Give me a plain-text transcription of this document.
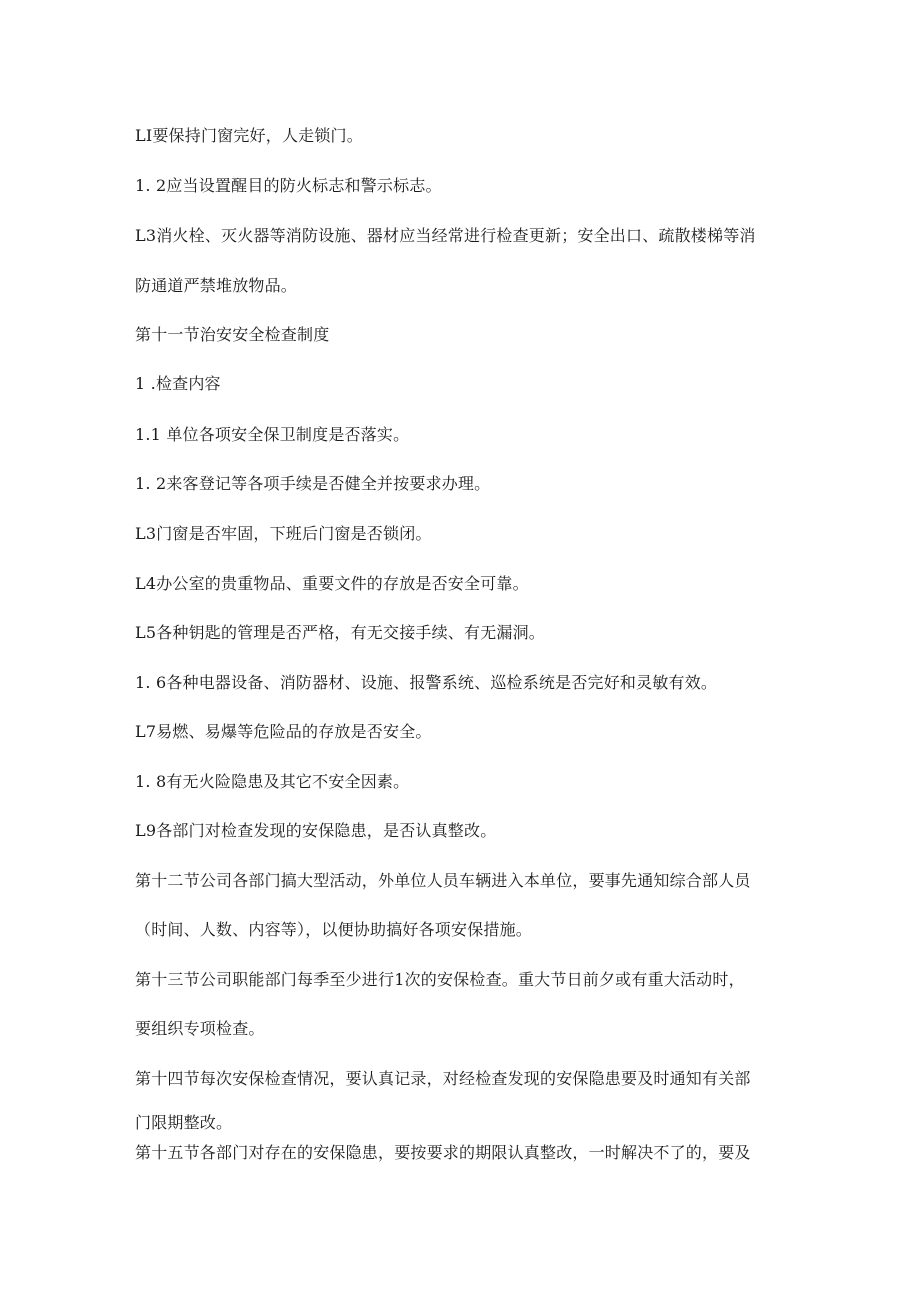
LI要保持门窗完好，人走锁门。
1. 2应当设置醒目的防火标志和警示标志。
L3消火栓、灭火器等消防设施、器材应当经常进行检查更新；安全出口、疏散楼梯等消
防通道严禁堆放物品。
第十一节治安安全检查制度
1 .检查内容
1.1 单位各项安全保卫制度是否落实。
1. 2来客登记等各项手续是否健全并按要求办理。
L3门窗是否牢固，下班后门窗是否锁闭。
L4办公室的贵重物品、重要文件的存放是否安全可靠。
L5各种钥匙的管理是否严格，有无交接手续、有无漏洞。
1. 6各种电器设备、消防器材、设施、报警系统、巡检系统是否完好和灵敏有效。
L7易燃、易爆等危险品的存放是否安全。
1. 8有无火险隐患及其它不安全因素。
L9各部门对检查发现的安保隐患，是否认真整改。
第十二节公司各部门搞大型活动，外单位人员车辆进入本单位，要事先通知综合部人员
（时间、人数、内容等），以便协助搞好各项安保措施。
第十三节公司职能部门每季至少进行1次的安保检查。重大节日前夕或有重大活动时，
要组织专项检查。
第十四节每次安保检查情况，要认真记录，对经检查发现的安保隐患要及时通知有关部
门限期整改。
第十五节各部门对存在的安保隐患，要按要求的期限认真整改，一时解决不了的，要及
